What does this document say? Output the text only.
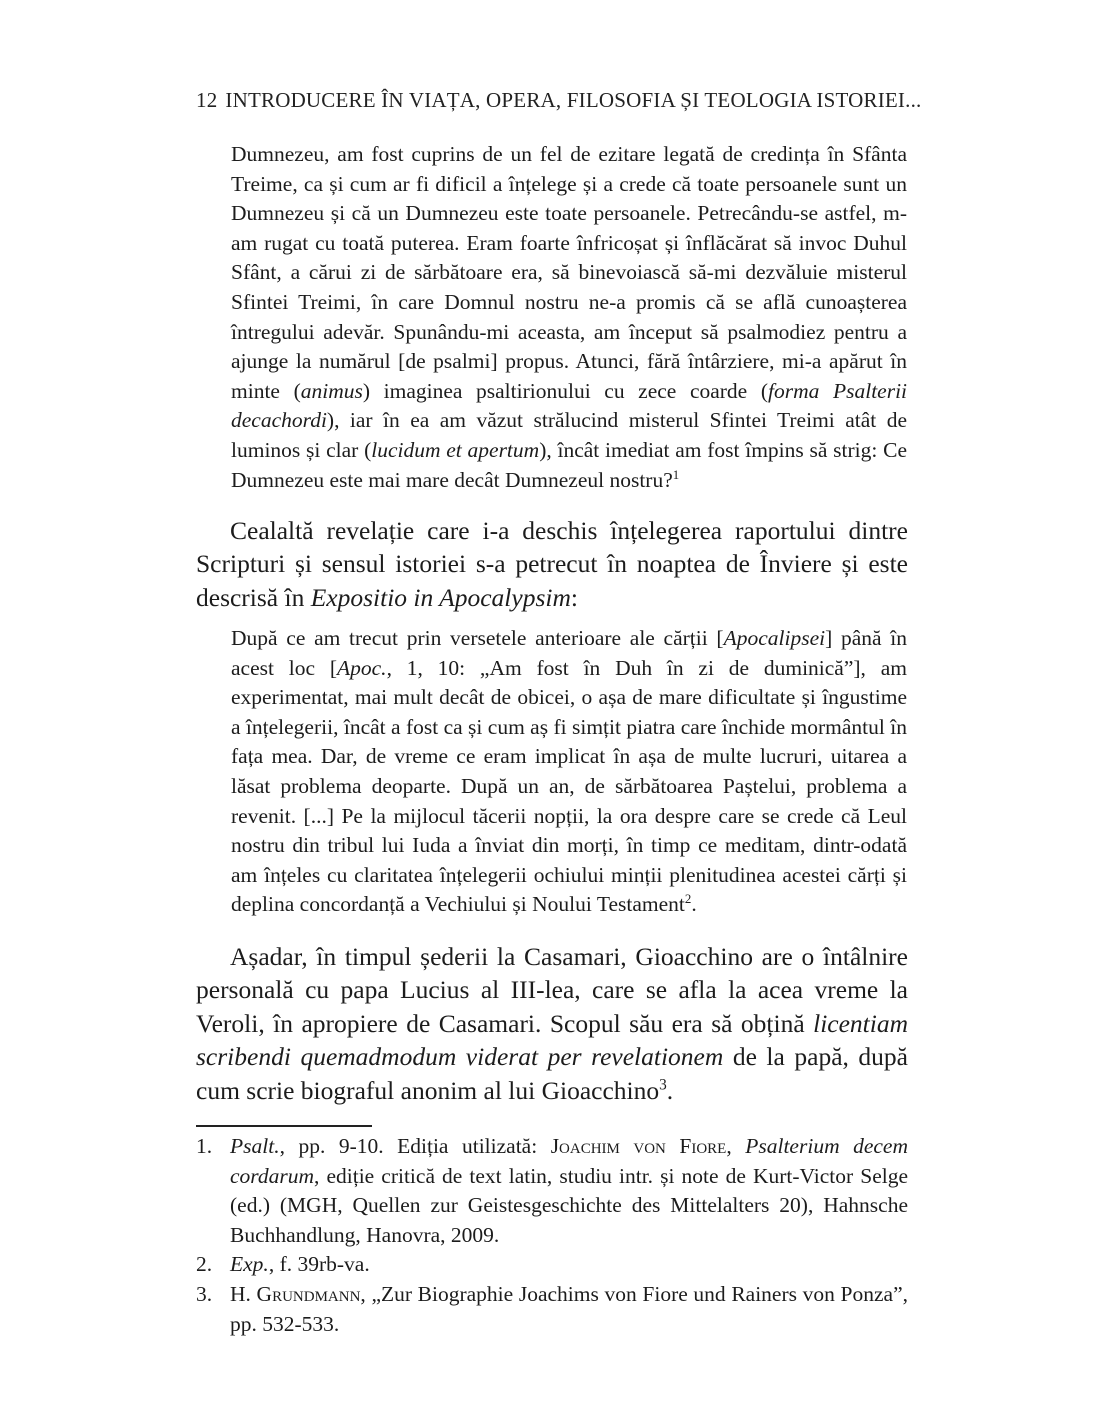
12 INTRODUCERE ÎN VIAȚA, OPERA, FILOSOFIA ȘI TEOLOGIA ISTORIEI...
Dumnezeu, am fost cuprins de un fel de ezitare legată de credința în Sfânta Treime, ca și cum ar fi dificil a înțelege și a crede că toate persoanele sunt un Dumnezeu și că un Dumnezeu este toate persoanele. Petrecându-se astfel, m-am rugat cu toată puterea. Eram foarte înfricoșat și înflăcărat să invoc Duhul Sfânt, a cărui zi de sărbătoare era, să binevoiască să-mi dezvăluie misterul Sfintei Treimi, în care Domnul nostru ne-a promis că se află cunoașterea întregului adevăr. Spunându-mi aceasta, am început să psalmodiez pentru a ajunge la numărul [de psalmi] propus. Atunci, fără întârziere, mi-a apărut în minte (animus) imaginea psaltirionului cu zece coarde (forma Psalterii decachordi), iar în ea am văzut strălucind misterul Sfintei Treimi atât de luminos și clar (lucidum et apertum), încât imediat am fost împins să strig: Ce Dumnezeu este mai mare decât Dumnezeul nostru?$^1$
Cealaltă revelație care i-a deschis înțelegerea raportului dintre Scripturi și sensul istoriei s-a petrecut în noaptea de Înviere și este descrisă în Expositio in Apocalypsim:
După ce am trecut prin versetele anterioare ale cărții [Apocalipsei] până în acest loc [Apoc., 1, 10: „Am fost în Duh în zi de duminică”], am experimentat, mai mult decât de obicei, o așa de mare dificultate și îngustime a înțelegerii, încât a fost ca și cum aș fi simțit piatra care închide mormântul în fața mea. Dar, de vreme ce eram implicat în așa de multe lucruri, uitarea a lăsat problema deoparte. După un an, de sărbătoarea Paștelui, problema a revenit. [...] Pe la mijlocul tăcerii nopții, la ora despre care se crede că Leul nostru din tribul lui Iuda a înviat din morți, în timp ce meditam, dintr-odată am înțeles cu claritatea înțelegerii ochiului minții plenitudinea acestei cărți și deplina concordanță a Vechiului și Noului Testament$^2$.
Așadar, în timpul șederii la Casamari, Gioacchino are o întâlnire personală cu papa Lucius al III-lea, care se afla la acea vreme la Veroli, în apropiere de Casamari. Scopul său era să obțină licentiam scribendi quemadmodum viderat per revelationem de la papă, după cum scrie biograful anonim al lui Gioacchino$^3$.
1. Psalt., pp. 9-10. Ediția utilizată: Joachim von Fiore, Psalterium decem cordarum, ediție critică de text latin, studiu intr. și note de Kurt-Victor Selge (ed.) (MGH, Quellen zur Geistesgeschichte des Mittelalters 20), Hahnsche Buchhandlung, Hanovra, 2009.
2. Exp., f. 39rb-va.
3. H. Grundmann, „Zur Biographie Joachims von Fiore und Rainers von Ponza”, pp. 532-533.
